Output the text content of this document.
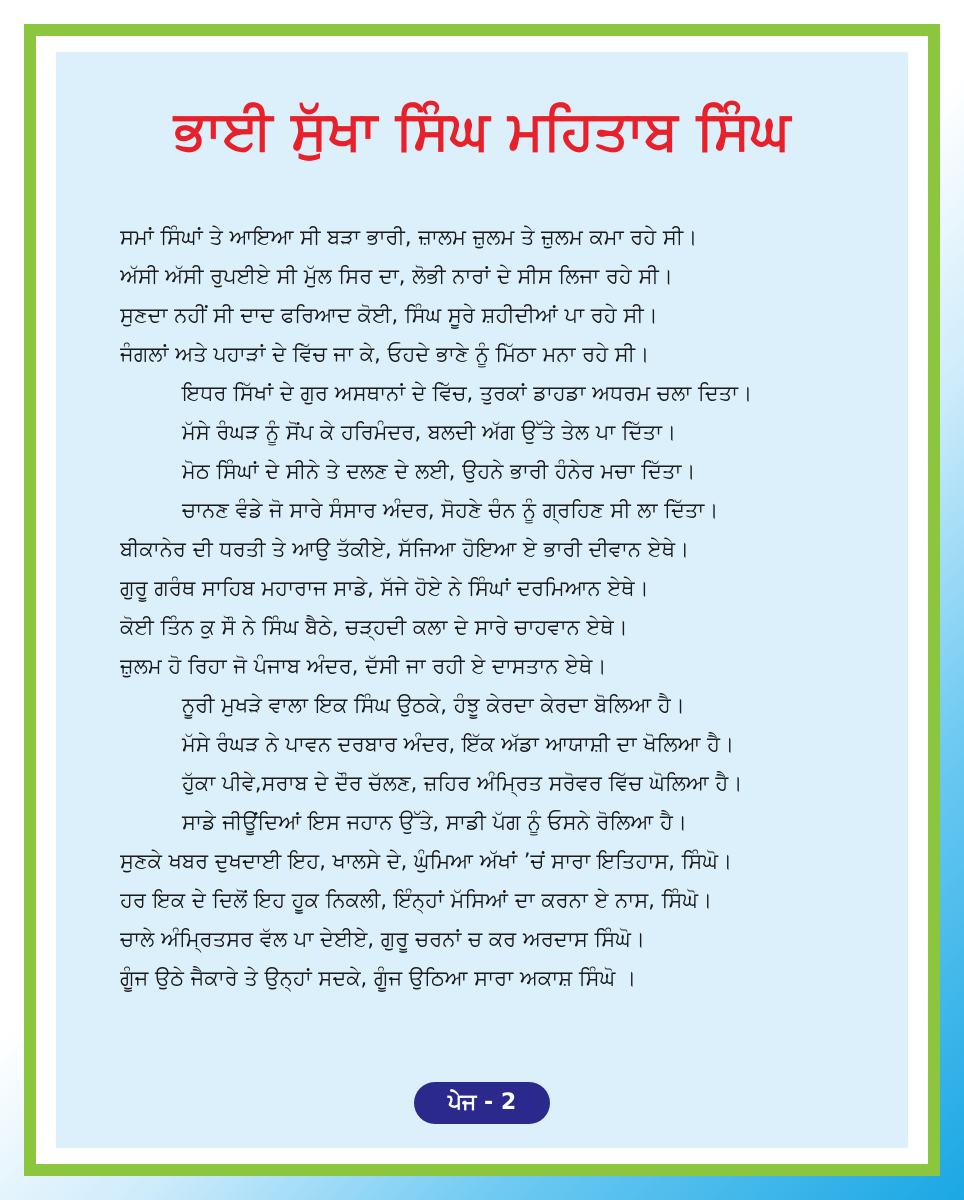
ਭਾਈ ਸੁੱਖਾ ਸਿੰਘ ਮਹਿਤਾਬ ਸਿੰਘ
ਸਮਾਂ ਸਿੰਘਾਂ ਤੇ ਆਇਆ ਸੀ ਬੜਾ ਭਾਰੀ, ਜ਼ਾਲਮ ਜ਼ੁਲਮ ਤੇ ਜ਼ੁਲਮ ਕਮਾ ਰਹੇ ਸੀ।
ਅੱਸੀ ਅੱਸੀ ਰੁਪਈਏ ਸੀ ਮੁੱਲ ਸਿਰ ਦਾ, ਲੋਭੀ ਨਾਰਾਂ ਦੇ ਸੀਸ ਲਿਜਾ ਰਹੇ ਸੀ।
ਸੁਣਦਾ ਨਹੀਂ ਸੀ ਦਾਦ ਫਰਿਆਦ ਕੋਈ, ਸਿੰਘ ਸੂਰੇ ਸ਼ਹੀਦੀਆਂ ਪਾ ਰਹੇ ਸੀ।
ਜੰਗਲਾਂ ਅਤੇ ਪਹਾੜਾਂ ਦੇ ਵਿੱਚ ਜਾ ਕੇ, ਓਹਦੇ ਭਾਣੇ ਨੂੰ ਮਿੱਠਾ ਮਨਾ ਰਹੇ ਸੀ।
ਇਧਰ ਸਿੱਖਾਂ ਦੇ ਗੁਰ ਅਸਥਾਨਾਂ ਦੇ ਵਿੱਚ, ਤੁਰਕਾਂ ਡਾਹਡਾ ਅਧਰਮ ਚਲਾ ਦਿਤਾ।
ਮੱਸੇ ਰੰਘੜ ਨੂੰ ਸੋਂਪ ਕੇ ਹਰਿਮੰਦਰ, ਬਲਦੀ ਅੱਗ ਉੱਤੇ ਤੇਲ ਪਾ ਦਿੱਤਾ।
ਮੋਠ ਸਿੰਘਾਂ ਦੇ ਸੀਨੇ ਤੇ ਦਲਣ ਦੇ ਲਈ, ਉਹਨੇ ਭਾਰੀ ਹੰਨੇਰ ਮਚਾ ਦਿੱਤਾ।
ਚਾਨਣ ਵੰਡੇ ਜੋ ਸਾਰੇ ਸੰਸਾਰ ਅੰਦਰ, ਸੋਹਣੇ ਚੰਨ ਨੂੰ ਗ੍ਰਹਿਣ ਸੀ ਲਾ ਦਿੱਤਾ।
ਬੀਕਾਨੇਰ ਦੀ ਧਰਤੀ ਤੇ ਆਉ ਤੱਕੀਏ, ਸੱਜਿਆ ਹੋਇਆ ਏ ਭਾਰੀ ਦੀਵਾਨ ਏਥੇ।
ਗੁਰੂ ਗਰੰਥ ਸਾਹਿਬ ਮਹਾਰਾਜ ਸਾਡੇ, ਸੱਜੇ ਹੋਏ ਨੇ ਸਿੰਘਾਂ ਦਰਮਿਆਨ ਏਥੇ।
ਕੋਈ ਤਿੰਨ ਕੁ ਸੌ ਨੇ ਸਿੰਘ ਬੈਠੇ, ਚੜ੍ਹਦੀ ਕਲਾ ਦੇ ਸਾਰੇ ਚਾਹਵਾਨ ਏਥੇ।
ਜ਼ੁਲਮ ਹੋ ਰਿਹਾ ਜੋ ਪੰਜਾਬ ਅੰਦਰ, ਦੱਸੀ ਜਾ ਰਹੀ ਏ ਦਾਸਤਾਨ ਏਥੇ।
ਨੂਰੀ ਮੁਖੜੇ ਵਾਲਾ ਇਕ ਸਿੰਘ ਉਠਕੇ, ਹੰਝੂ ਕੇਰਦਾ ਕੇਰਦਾ ਬੋਲਿਆ ਹੈ।
ਮੱਸੇ ਰੰਘੜ ਨੇ ਪਾਵਨ ਦਰਬਾਰ ਅੰਦਰ, ਇੱਕ ਅੱਡਾ ਆਯਾਸ਼ੀ ਦਾ ਖੋਲਿਆ ਹੈ।
ਹੁੱਕਾ ਪੀਵੇ,ਸਰਾਬ ਦੇ ਦੌਰ ਚੱਲਣ, ਜ਼ਹਿਰ ਅੰਮ੍ਰਿਤ ਸਰੋਵਰ ਵਿੱਚ ਘੋਲਿਆ ਹੈ।
ਸਾਡੇ ਜੀਊਂਦਿਆਂ ਇਸ ਜਹਾਨ ਉੱਤੇ, ਸਾਡੀ ਪੱਗ ਨੂੰ ਓਸਨੇ ਰੋਲਿਆ ਹੈ।
ਸੁਣਕੇ ਖਬਰ ਦੁਖਦਾਈ ਇਹ, ਖਾਲਸੇ ਦੇ, ਘੁੰਮਿਆ ਅੱਖਾਂ ’ਚਂ ਸਾਰਾ ਇਤਿਹਾਸ, ਸਿੰਘੋ।
ਹਰ ਇਕ ਦੇ ਦਿਲੋਂ ਇਹ ਹੂਕ ਨਿਕਲੀ, ਇੰਨ੍ਹਾਂ ਮੱਸਿਆਂ ਦਾ ਕਰਨਾ ਏ ਨਾਸ, ਸਿੰਘੋ।
ਚਾਲੇ ਅੰਮ੍ਰਿਤਸਰ ਵੱਲ ਪਾ ਦੇਈਏ, ਗੁਰੂ ਚਰਨਾਂ ਚ ਕਰ ਅਰਦਾਸ ਸਿੰਘੋ।
ਗੂੰਜ ਉਠੇ ਜੈਕਾਰੇ ਤੇ ਉਨ੍ਹਾਂ ਸਦਕੇ, ਗੂੰਜ ਉਠਿਆ ਸਾਰਾ ਅਕਾਸ਼ ਸਿੰਘੋ ।
ਪੇਜ - 2
